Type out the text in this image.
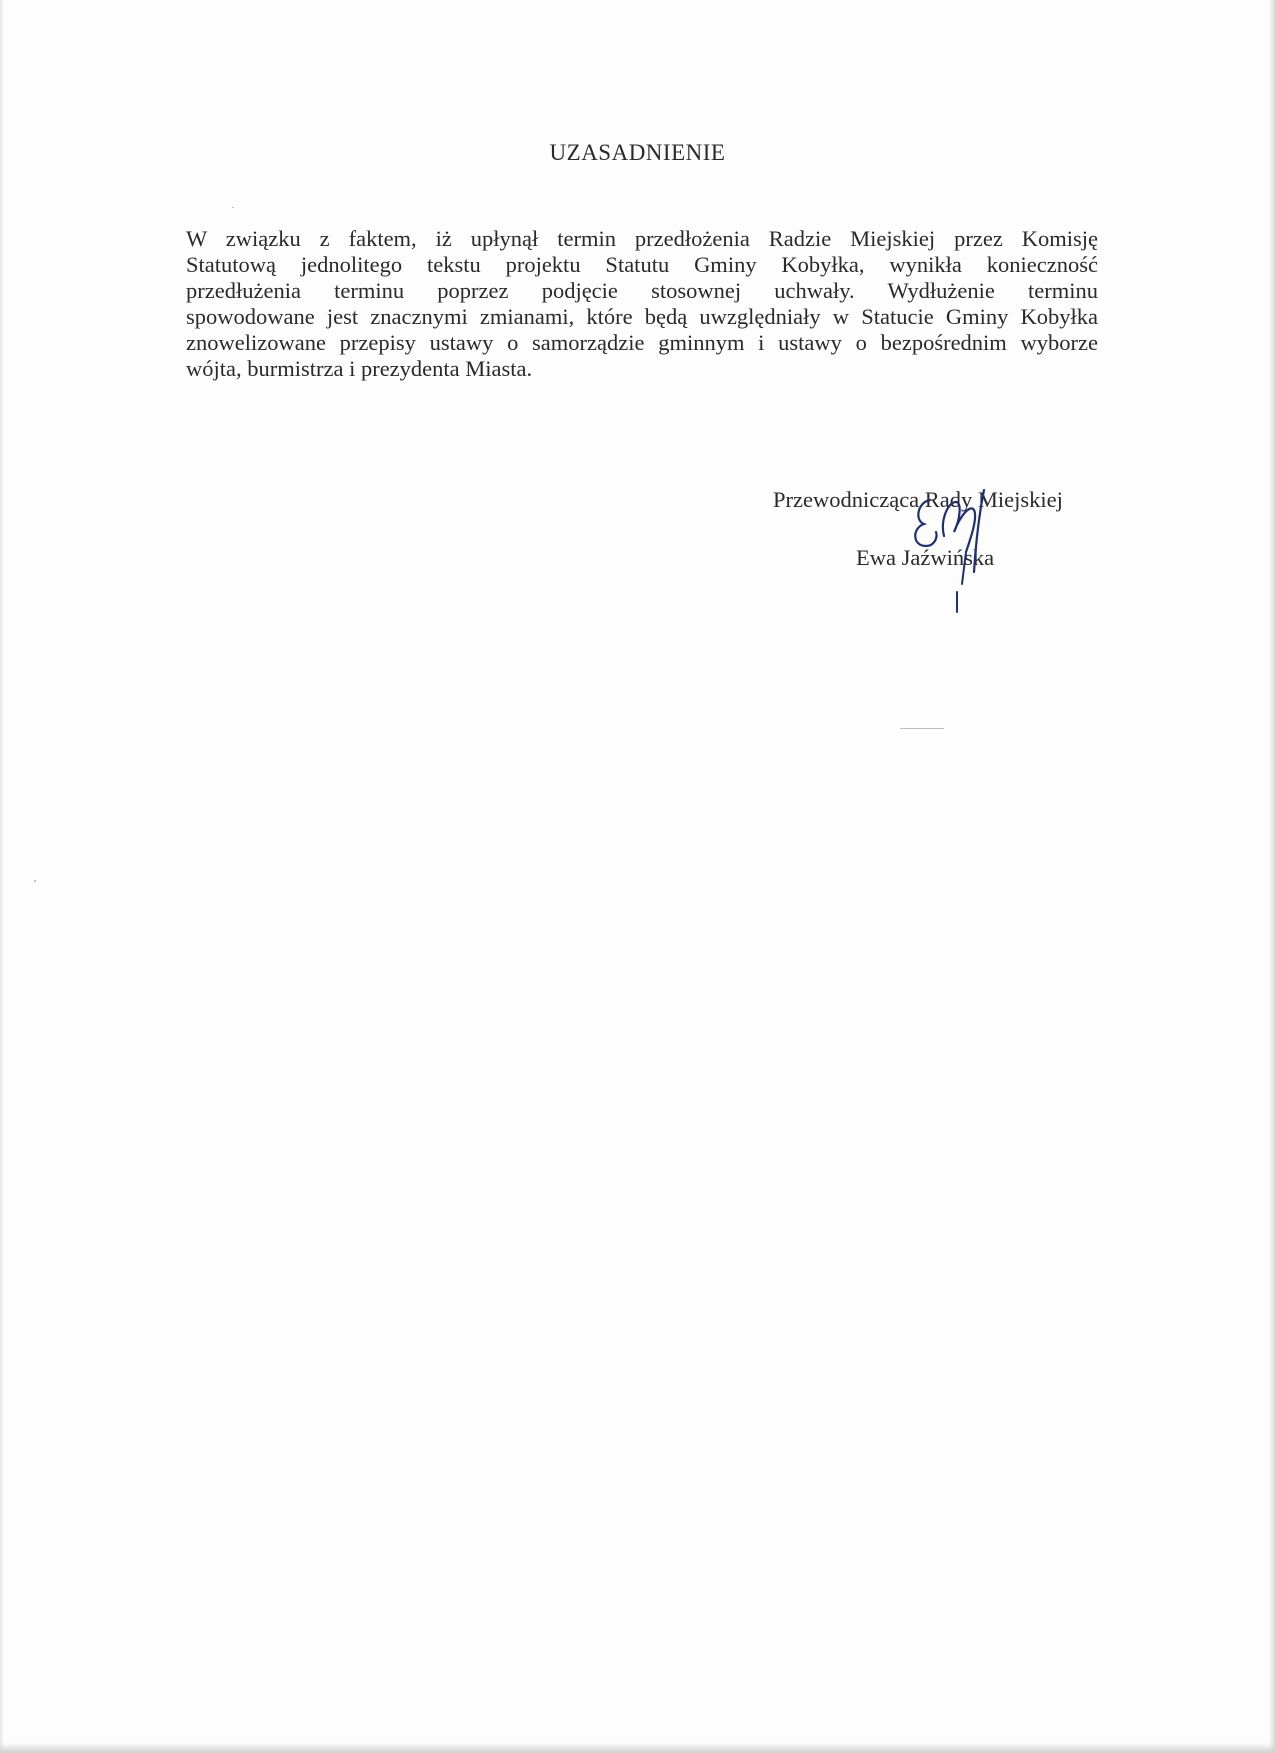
UZASADNIENIE

W związku z faktem, iż upłynął termin przedłożenia Radzie Miejskiej przez Komisję
Statutową jednolitego tekstu projektu Statutu Gminy Kobyłka, wynikła konieczność
przedłużenia terminu poprzez podjęcie stosownej uchwały. Wydłużenie terminu
spowodowane jest znacznymi zmianami, które będą uwzględniały w Statucie Gminy Kobyłka
znowelizowane przepisy ustawy o samorządzie gminnym i ustawy o bezpośrednim wyborze
wójta, burmistrza i prezydenta Miasta.

Przewodnicząca Rady Miejskiej
Ewa Jaźwińska
